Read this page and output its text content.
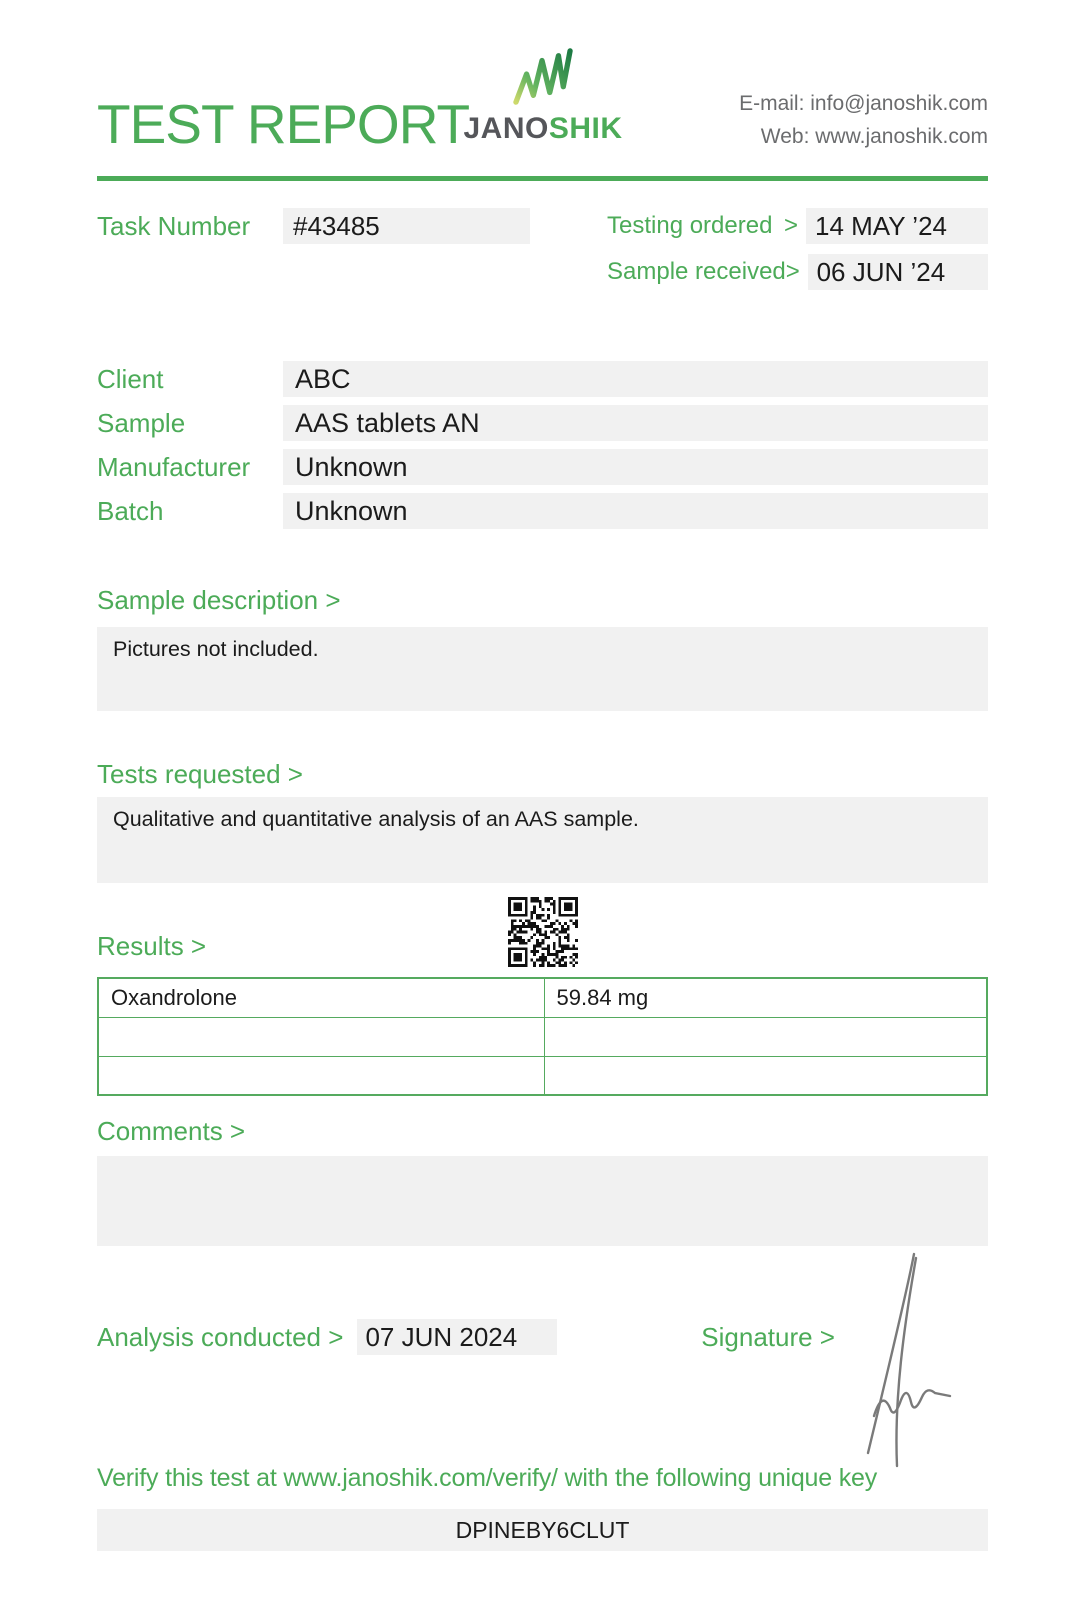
TEST REPORT
JANOSHIK
E-mail: info@janoshik.com
Web: www.janoshik.com
Task Number	#43485	Testing ordered > 14 MAY ’24
Sample received > 06 JUN ’24
Client	ABC
Sample	AAS tablets AN
Manufacturer	Unknown
Batch	Unknown
Sample description >
Pictures not included.
Tests requested >
Qualitative and quantitative analysis of an AAS sample.
Results >
Oxandrolone	59.84 mg

Comments >
Analysis conducted > 07 JUN 2024	Signature >
Verify this test at www.janoshik.com/verify/ with the following unique key
DPINEBY6CLUT
